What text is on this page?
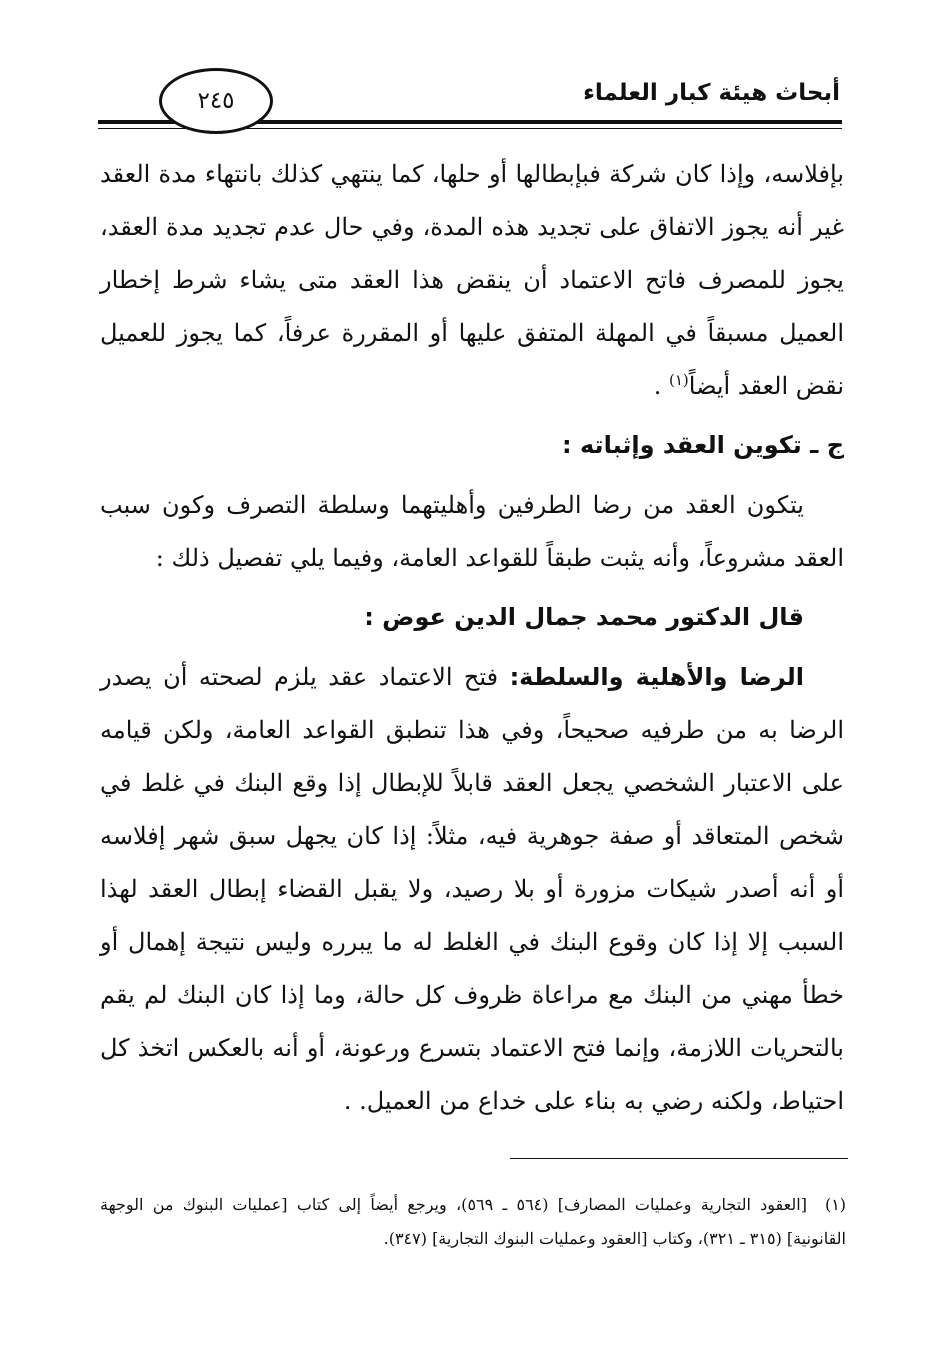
أبحاث هيئة كبار العلماء
٢٤٥

بإفلاسه، وإذا كان شركة فبإبطالها أو حلها، كما ينتهي كذلك بانتهاء مدة العقد غير أنه يجوز الاتفاق على تجديد هذه المدة، وفي حال عدم تجديد مدة العقد، يجوز للمصرف فاتح الاعتماد أن ينقض هذا العقد متى يشاء شرط إخطار العميل مسبقاً في المهلة المتفق عليها أو المقررة عرفاً، كما يجوز للعميل نقض العقد أيضاً$^{(١)}$ .

ج ـ تكوين العقد وإثباته :

يتكون العقد من رضا الطرفين وأهليتهما وسلطة التصرف وكون سبب العقد مشروعاً، وأنه يثبت طبقاً للقواعد العامة، وفيما يلي تفصيل ذلك :

قال الدكتور محمد جمال الدين عوض :

الرضا والأهلية والسلطة: فتح الاعتماد عقد يلزم لصحته أن يصدر الرضا به من طرفيه صحيحاً، وفي هذا تنطبق القواعد العامة، ولكن قيامه على الاعتبار الشخصي يجعل العقد قابلاً للإبطال إذا وقع البنك في غلط في شخص المتعاقد أو صفة جوهرية فيه، مثلاً: إذا كان يجهل سبق شهر إفلاسه أو أنه أصدر شيكات مزورة أو بلا رصيد، ولا يقبل القضاء إبطال العقد لهذا السبب إلا إذا كان وقوع البنك في الغلط له ما يبرره وليس نتيجة إهمال أو خطأ مهني من البنك مع مراعاة ظروف كل حالة، وما إذا كان البنك لم يقم بالتحريات اللازمة، وإنما فتح الاعتماد بتسرع ورعونة، أو أنه بالعكس اتخذ كل احتياط، ولكنه رضي به بناء على خداع من العميل. .

(١)[العقود التجارية وعمليات المصارف] (٥٦٤ ـ ٥٦٩)، ويرجع أيضاً إلى كتاب [عمليات البنوك من الوجهة القانونية] (٣١٥ ـ ٣٢١)، وكتاب [العقود وعمليات البنوك التجارية] (٣٤٧).
